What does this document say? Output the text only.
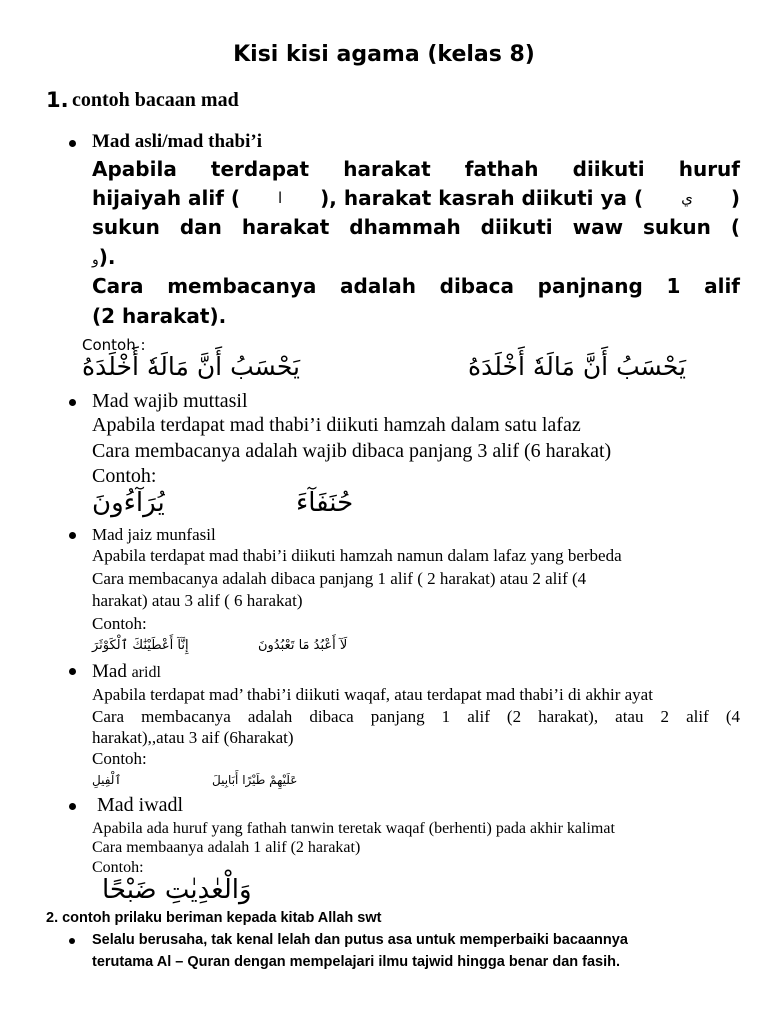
Kisi kisi agama (kelas 8)
1. contoh bacaan mad
Mad asli/mad thabi’i
Apabila terdapat harakat fathah diikuti huruf
hijaiyah alif (	ا ), harakat kasrah diikuti ya (	ي )
sukun dan harakat dhammah diikuti waw sukun (
و).
Cara membacanya adalah dibaca panjnang 1 alif
(2 harakat).
Contoh :
يَحْسَبُ أَنَّ مَالَهٗ أَخْلَدَهُ	يَحْسَبُ أَنَّ مَالَهٗ أَخْلَدَهُ
Mad wajib muttasil
Apabila terdapat mad thabi’i diikuti hamzah dalam satu lafaz
Cara membacanya adalah wajib dibaca panjang 3 alif (6 harakat)
Contoh:
يُرَآءُونَ	حُنَفَآءَ
Mad jaiz munfasil
Apabila terdapat mad thabi’i diikuti hamzah namun dalam lafaz yang berbeda
Cara membacanya adalah dibaca panjang 1 alif ( 2 harakat) atau 2 alif (4
harakat) atau 3 alif ( 6 harakat)
Contoh:
إِنَّآ أَعْطَيْنَٰكَ ٱلْكَوْثَرَ	لَآ أَعْبُدُ مَا تَعْبُدُونَ
Mad aridl
Apabila terdapat mad’ thabi’i diikuti waqaf, atau terdapat mad thabi’i di akhir ayat
Cara membacanya adalah dibaca panjang 1 alif (2 harakat), atau 2 alif (4
harakat),,atau 3 aif (6harakat)
Contoh:
ٱلْفِيلِ	عَلَيْهِمْ طَيْرًا أَبَابِيلَ
Mad iwadl
Apabila ada huruf yang fathah tanwin teretak waqaf (berhenti) pada akhir kalimat
Cara membaanya adalah 1 alif (2 harakat)
Contoh:
وَالْعٰدِيٰتِ ضَبْحًا
2. contoh prilaku beriman kepada kitab Allah swt
Selalu berusaha, tak kenal lelah dan putus asa untuk memperbaiki bacaannya
terutama Al – Quran dengan mempelajari ilmu tajwid hingga benar dan fasih.
